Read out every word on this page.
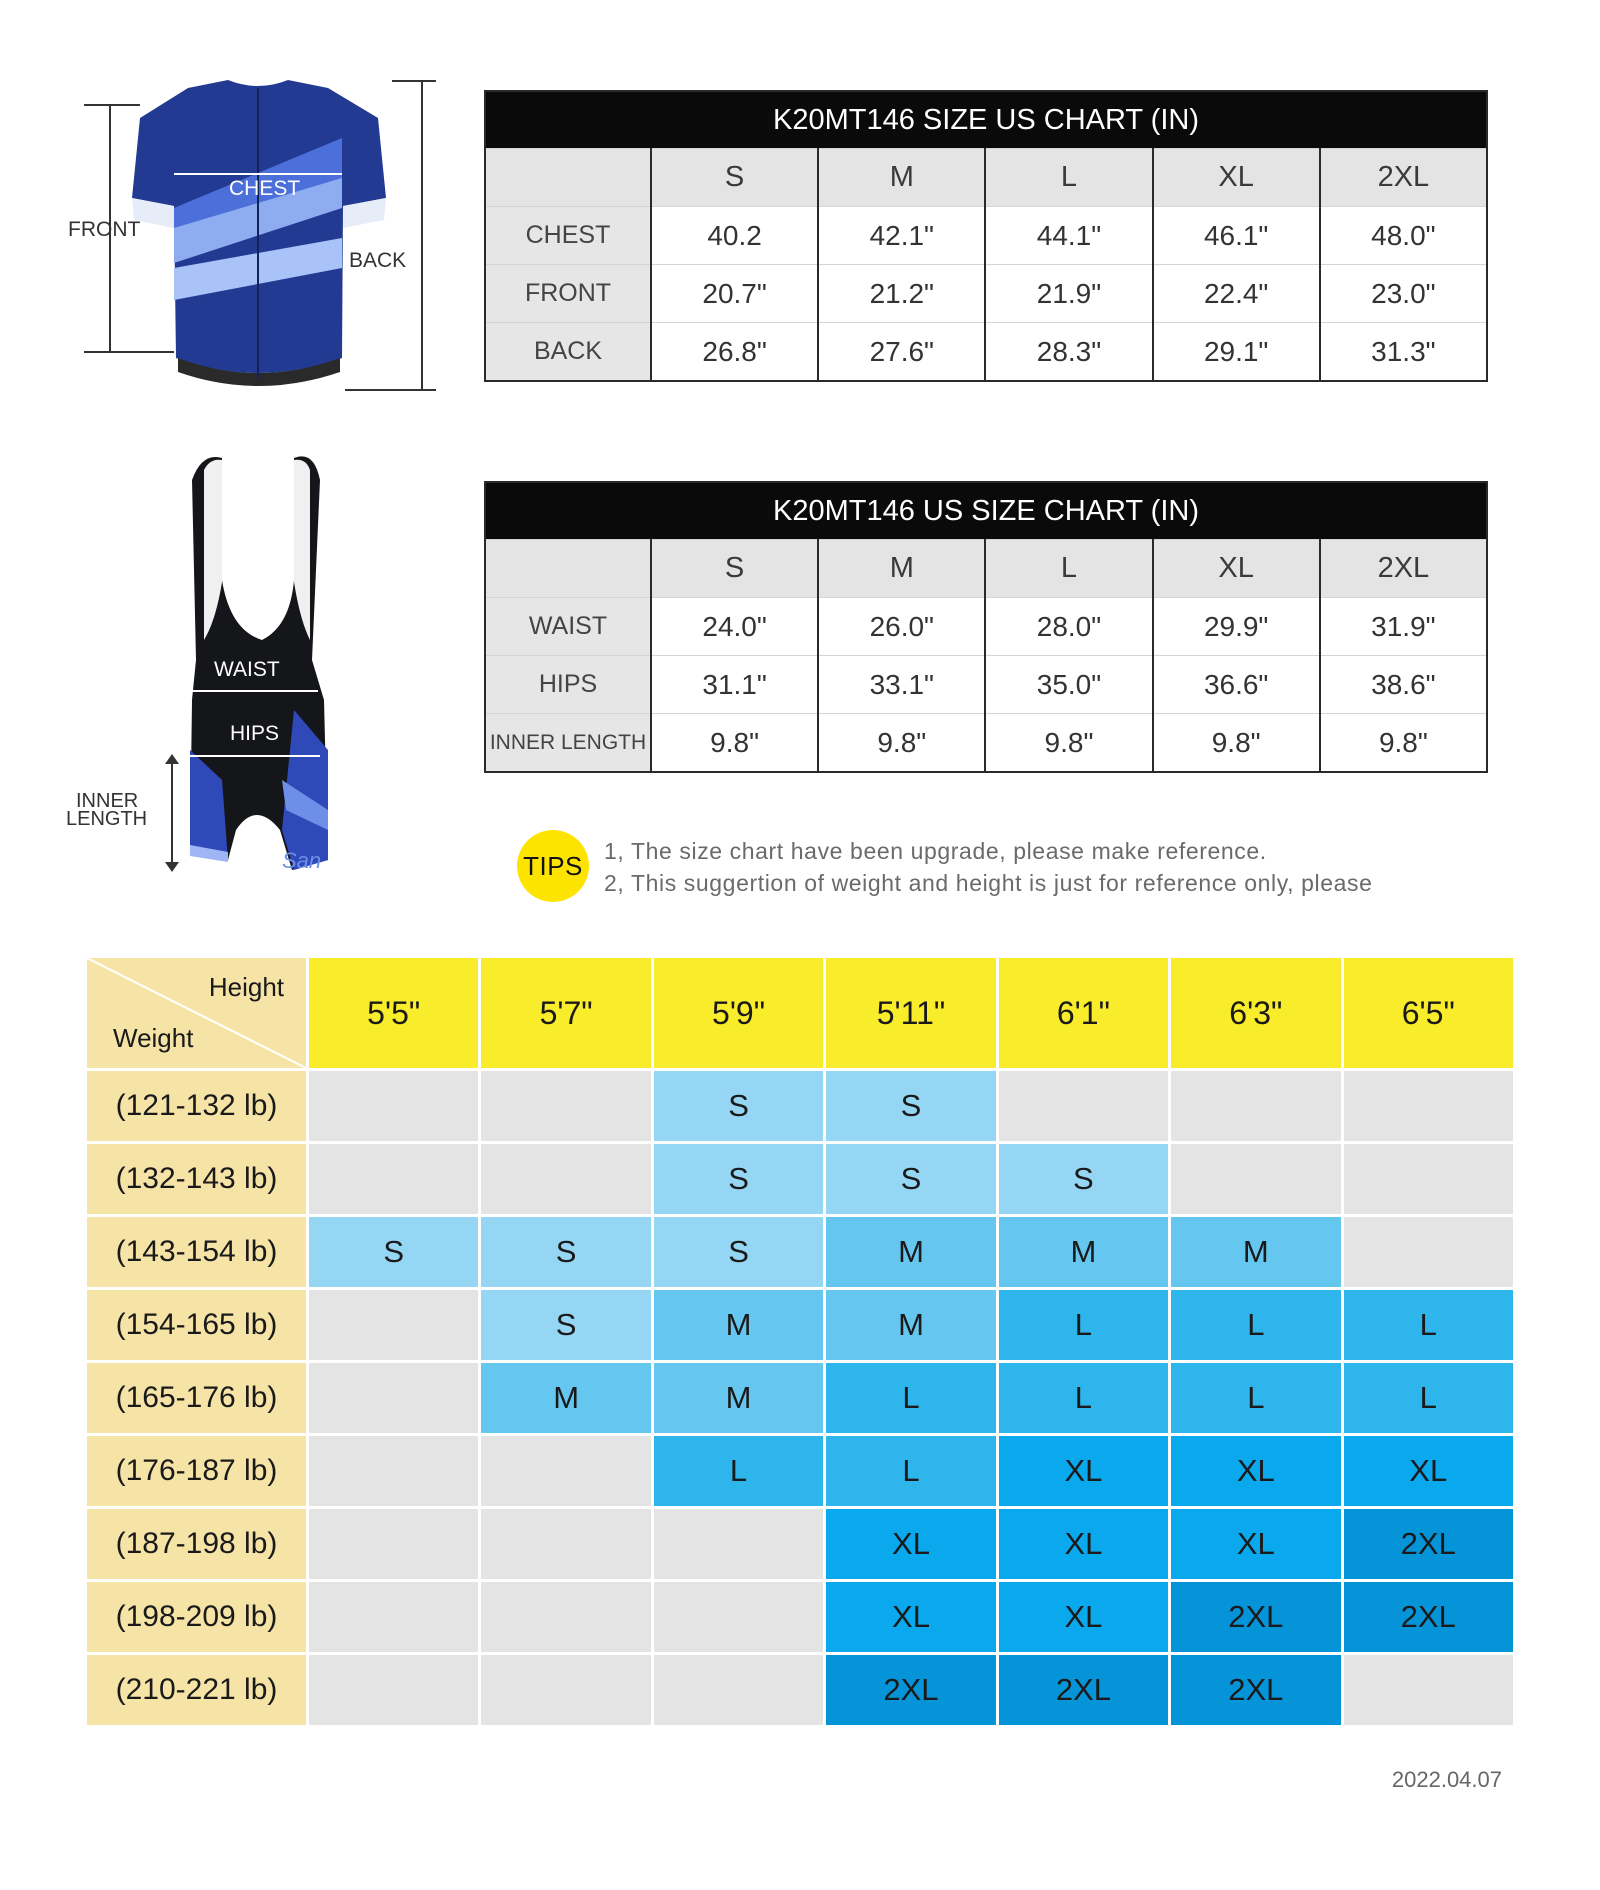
FRONT
BACK
CHEST
K20MT146 SIZE US CHART (IN)					
	S	M	L	XL	2XL
CHEST	40.2	42.1"	44.1"	46.1"	48.0"
FRONT	20.7"	21.2"	21.9"	22.4"	23.0"
BACK	26.8"	27.6"	28.3"	29.1"	31.3"
San
WAIST
HIPS
INNER
LENGTH
K20MT146 US SIZE CHART (IN)					
	S	M	L	XL	2XL
WAIST	24.0"	26.0"	28.0"	29.9"	31.9"
HIPS	31.1"	33.1"	35.0"	36.6"	38.6"
INNER LENGTH	9.8"	9.8"	9.8"	9.8"	9.8"
TIPS 1, The size chart have been upgrade, please make reference.
2, This suggertion of weight and height is just for reference only, please
Height
Weight	5'5"	5'7"	5'9"	5'11"	6'1"	6'3"	6'5"
(121-132 lb)			S	S			
(132-143 lb)			S	S	S		
(143-154 lb)	S	S	S	M	M	M	
(154-165 lb)		S	M	M	L	L	L
(165-176 lb)		M	M	L	L	L	L
(176-187 lb)			L	L	XL	XL	XL
(187-198 lb)				XL	XL	XL	2XL
(198-209 lb)				XL	XL	2XL	2XL
(210-221 lb)				2XL	2XL	2XL	
2022.04.07
